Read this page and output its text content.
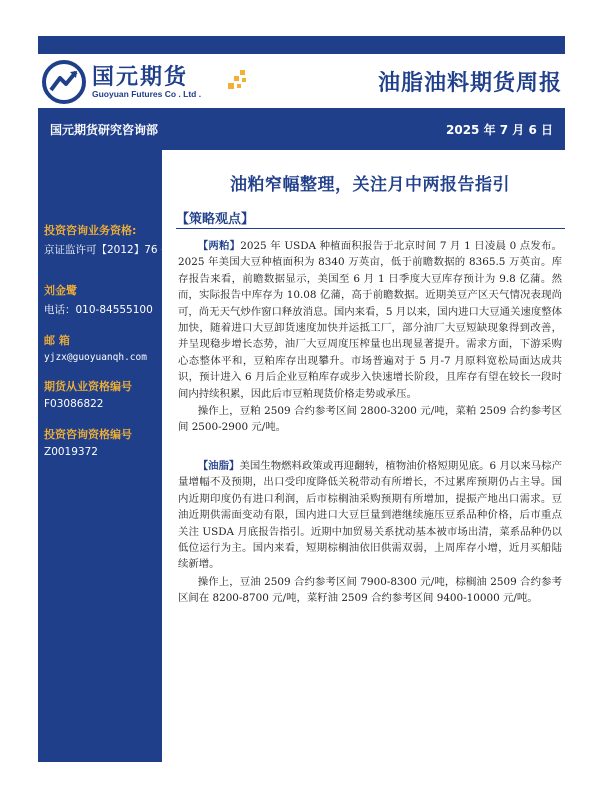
国元期货
Guoyuan Futures Co . Ltd .	油脂油料期货周报
国元期货研究咨询部	2025 年 7 月 6 日
投资咨询业务资格:
京证监许可【2012】76 号
刘金鹭
电话：010-84555100
邮 箱
yjzx@guoyuanqh.com
期货从业资格编号
F03086822
投资咨询资格编号
Z0019372
油粕窄幅整理，关注月中两报告指引
【策略观点】

【两粕】2025 年 USDA 种植面积报告于北京时间 7 月 1 日凌晨 0 点发布。2025 年美国大豆种植面积为 8340 万英亩，低于前瞻数据的 8365.5 万英亩。库存报告来看，前瞻数据显示，美国至 6 月 1 日季度大豆库存预计为 9.8 亿蒲。然而，实际报告中库存为 10.08 亿蒲，高于前瞻数据。近期美豆产区天气情况表现尚可，尚无天气炒作窗口释放消息。国内来看，5 月以来，国内进口大豆通关速度整体加快，随着进口大豆卸货速度加快并运抵工厂，部分油厂大豆短缺现象得到改善，并呈现稳步增长态势，油厂大豆周度压榨量也出现显著提升。需求方面，下游采购心态整体平和，豆粕库存出现攀升。市场普遍对于 5 月-7 月原料宽松局面达成共识，预计进入 6 月后企业豆粕库存或步入快速增长阶段，且库存有望在较长一段时间内持续积累，因此后市豆粕现货价格走势或承压。

操作上，豆粕 2509 合约参考区间 2800-3200 元/吨，菜粕 2509 合约参考区间 2500-2900 元/吨。

【油脂】美国生物燃料政策或再迎翻转，植物油价格短期见底。6 月以来马棕产量增幅不及预期，出口受印度降低关税带动有所增长，不过累库预期仍占主导。国内近期印度仍有进口利润，后市棕榈油采购预期有所增加，提振产地出口需求。豆油近期供需面变动有限，国内进口大豆巨量到港继续施压豆系品种价格，后市重点关注 USDA 月底报告指引。近期中加贸易关系扰动基本被市场出清，菜系品种仍以低位运行为主。国内来看，短期棕榈油依旧供需双弱，上周库存小增，近月买船陆续新增。

操作上，豆油 2509 合约参考区间 7900-8300 元/吨，棕榈油 2509 合约参考区间在 8200-8700 元/吨，菜籽油 2509 合约参考区间 9400-10000 元/吨。
